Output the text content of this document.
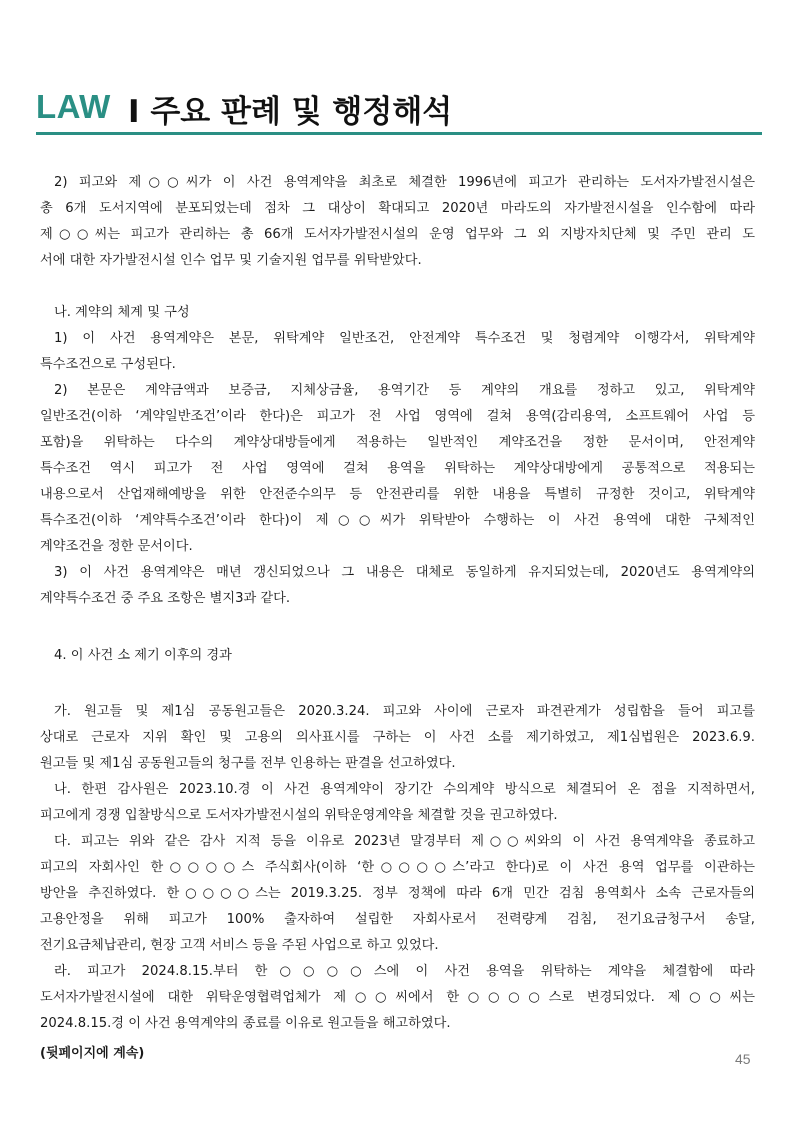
LAW I 주요 판례 및 행정해석
2) 피고와 제○○씨가 이 사건 용역계약을 최초로 체결한 1996년에 피고가 관리하는 도서자가발전시설은
총 6개 도서지역에 분포되었는데 점차 그 대상이 확대되고 2020년 마라도의 자가발전시설을 인수함에 따라
제○○씨는 피고가 관리하는 총 66개 도서자가발전시설의 운영 업무와 그 외 지방자치단체 및 주민 관리 도
서에 대한 자가발전시설 인수 업무 및 기술지원 업무를 위탁받았다.
나. 계약의 체계 및 구성
1) 이 사건 용역계약은 본문, 위탁계약 일반조건, 안전계약 특수조건 및 청렴계약 이행각서, 위탁계약
특수조건으로 구성된다.
2) 본문은 계약금액과 보증금, 지체상금율, 용역기간 등 계약의 개요를 정하고 있고, 위탁계약
일반조건(이하 ‘계약일반조건’이라 한다)은 피고가 전 사업 영역에 걸쳐 용역(감리용역, 소프트웨어 사업 등
포함)을 위탁하는 다수의 계약상대방들에게 적용하는 일반적인 계약조건을 정한 문서이며, 안전계약
특수조건 역시 피고가 전 사업 영역에 걸쳐 용역을 위탁하는 계약상대방에게 공통적으로 적용되는
내용으로서 산업재해예방을 위한 안전준수의무 등 안전관리를 위한 내용을 특별히 규정한 것이고, 위탁계약
특수조건(이하 ‘계약특수조건’이라 한다)이 제○○씨가 위탁받아 수행하는 이 사건 용역에 대한 구체적인
계약조건을 정한 문서이다.
3) 이 사건 용역계약은 매년 갱신되었으나 그 내용은 대체로 동일하게 유지되었는데, 2020년도 용역계약의
계약특수조건 중 주요 조항은 별지3과 같다.
4. 이 사건 소 제기 이후의 경과
가. 원고들 및 제1심 공동원고들은 2020.3.24. 피고와 사이에 근로자 파견관계가 성립함을 들어 피고를
상대로 근로자 지위 확인 및 고용의 의사표시를 구하는 이 사건 소를 제기하였고, 제1심법원은 2023.6.9.
원고들 및 제1심 공동원고들의 청구를 전부 인용하는 판결을 선고하였다.
나. 한편 감사원은 2023.10.경 이 사건 용역계약이 장기간 수의계약 방식으로 체결되어 온 점을 지적하면서,
피고에게 경쟁 입찰방식으로 도서자가발전시설의 위탁운영계약을 체결할 것을 권고하였다.
다. 피고는 위와 같은 감사 지적 등을 이유로 2023년 말경부터 제○○씨와의 이 사건 용역계약을 종료하고
피고의 자회사인 한○○○○스 주식회사(이하 ‘한○○○○스’라고 한다)로 이 사건 용역 업무를 이관하는
방안을 추진하였다. 한○○○○스는 2019.3.25. 정부 정책에 따라 6개 민간 검침 용역회사 소속 근로자들의
고용안정을 위해 피고가 100% 출자하여 설립한 자회사로서 전력량계 검침, 전기요금청구서 송달,
전기요금체납관리, 현장 고객 서비스 등을 주된 사업으로 하고 있었다.
라. 피고가 2024.8.15.부터 한○○○○스에 이 사건 용역을 위탁하는 계약을 체결함에 따라
도서자가발전시설에 대한 위탁운영협력업체가 제○○씨에서 한○○○○스로 변경되었다. 제○○씨는
2024.8.15.경 이 사건 용역계약의 종료를 이유로 원고들을 해고하였다.
(뒷페이지에 계속)	45
